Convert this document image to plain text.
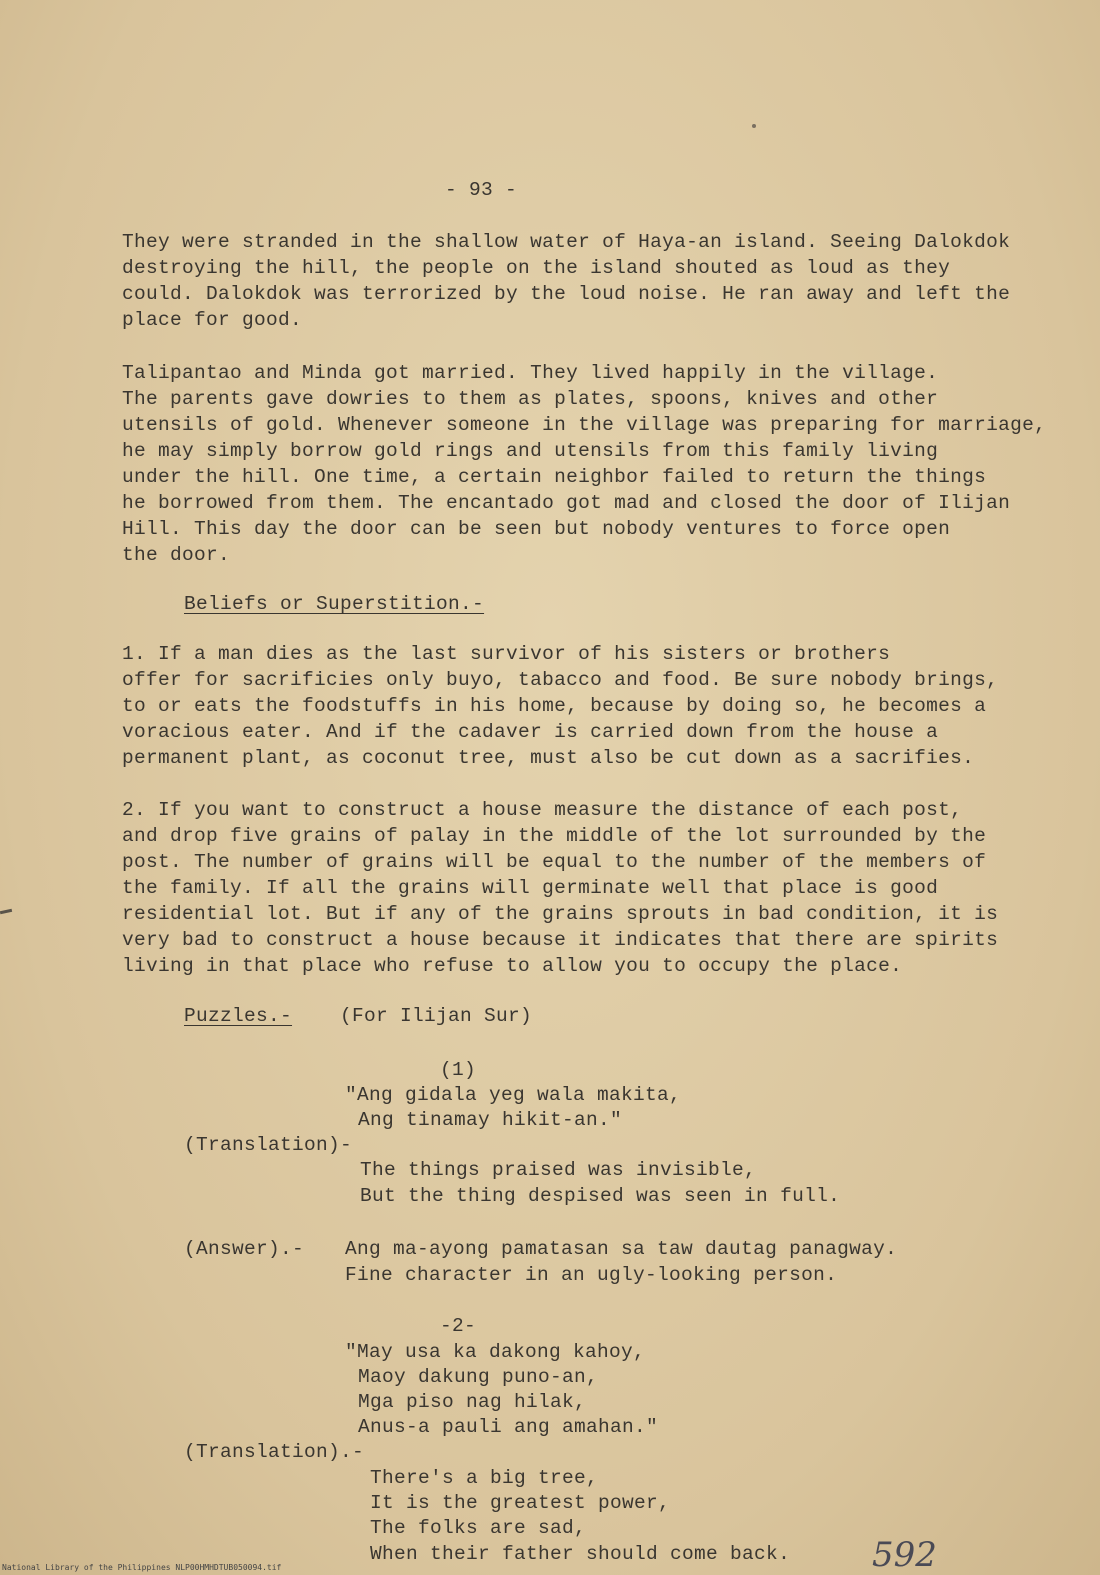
- 93 -
They were stranded in the shallow water of Haya-an island. Seeing Dalokdok
destroying the hill, the people on the island shouted as loud as they
could. Dalokdok was terrorized by the loud noise. He ran away and left the
place for good.
Talipantao and Minda got married. They lived happily in the village.
The parents gave dowries to them as plates, spoons, knives and other
utensils of gold. Whenever someone in the village was preparing for marriage,
he may simply borrow gold rings and utensils from this family living
under the hill. One time, a certain neighbor failed to return the things
he borrowed from them. The encantado got mad and closed the door of Ilijan
Hill. This day the door can be seen but nobody ventures to force open
the door.
Beliefs or Superstition.-
1. If a man dies as the last survivor of his sisters or brothers
offer for sacrificies only buyo, tabacco and food. Be sure nobody brings,
to or eats the foodstuffs in his home, because by doing so, he becomes a
voracious eater. And if the cadaver is carried down from the house a
permanent plant, as coconut tree, must also be cut down as a sacrifies.
2. If you want to construct a house measure the distance of each post,
and drop five grains of palay in the middle of the lot surrounded by the
post. The number of grains will be equal to the number of the members of
the family. If all the grains will germinate well that place is good
residential lot. But if any of the grains sprouts in bad condition, it is
very bad to construct a house because it indicates that there are spirits
living in that place who refuse to allow you to occupy the place.
Puzzles.- (For Ilijan Sur)
(1)
"Ang gidala yeg wala makita,
Ang tinamay hikit-an."
(Translation)-
The things praised was invisible,
But the thing despised was seen in full.
(Answer).- Ang ma-ayong pamatasan sa taw dautag panagway.
Fine character in an ugly-looking person.
-2-
"May usa ka dakong kahoy,
Maoy dakung puno-an,
Mga piso nag hilak,
Anus-a pauli ang amahan."
(Translation).-
There's a big tree,
It is the greatest power,
The folks are sad,
When their father should come back. 592
National Library of the Philippines NLP00HMHDTUB050094.tif
